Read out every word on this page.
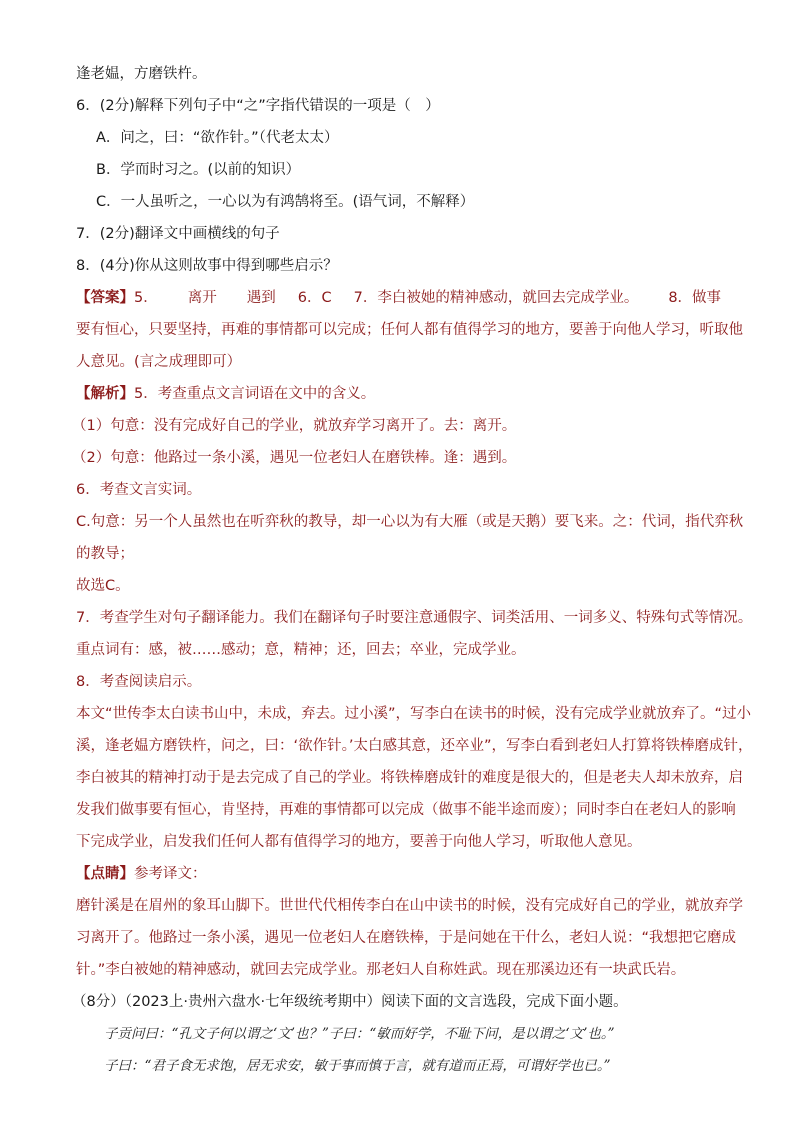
逢老媪，方磨铁杵。
6．(2分)解释下列句子中“之”字指代错误的一项是（　）
A．问之，曰：“欲作针。”（代老太太）
B．学而时习之。(以前的知识）
C．一人虽听之，一心以为有鸿鹄将至。(语气词，不解释）
7．(2分)翻译文中画横线的句子
8．(4分)你从这则故事中得到哪些启示？
【答案】5． 离开 遇到 6．C 7．李白被她的精神感动，就回去完成学业。 8．做事
要有恒心，只要坚持，再难的事情都可以完成；任何人都有值得学习的地方，要善于向他人学习，听取他
人意见。(言之成理即可）
【解析】5．考查重点文言词语在文中的含义。
（1）句意：没有完成好自己的学业，就放弃学习离开了。去：离开。
（2）句意：他路过一条小溪，遇见一位老妇人在磨铁棒。逢：遇到。
6．考查文言实词。
C.句意：另一个人虽然也在听弈秋的教导，却一心以为有大雁（或是天鹅）要飞来。之：代词，指代弈秋
的教导；
故选C。
7．考查学生对句子翻译能力。我们在翻译句子时要注意通假字、词类活用、一词多义、特殊句式等情况。
重点词有：感，被……感动；意，精神；还，回去；卒业，完成学业。
8．考查阅读启示。
本文“世传李太白读书山中，未成，弃去。过小溪”，写李白在读书的时候，没有完成学业就放弃了。“过小
溪，逢老媪方磨铁杵，问之，曰：‘欲作针。’太白感其意，还卒业”，写李白看到老妇人打算将铁棒磨成针，
李白被其的精神打动于是去完成了自己的学业。将铁棒磨成针的难度是很大的，但是老夫人却未放弃，启
发我们做事要有恒心，肯坚持，再难的事情都可以完成（做事不能半途而废）；同时李白在老妇人的影响
下完成学业，启发我们任何人都有值得学习的地方，要善于向他人学习，听取他人意见。
【点睛】参考译文：
磨针溪是在眉州的象耳山脚下。世世代代相传李白在山中读书的时候，没有完成好自己的学业，就放弃学
习离开了。他路过一条小溪，遇见一位老妇人在磨铁棒，于是问她在干什么，老妇人说：“我想把它磨成
针。”李白被她的精神感动，就回去完成学业。那老妇人自称姓武。现在那溪边还有一块武氏岩。
（8分）（2023上·贵州六盘水·七年级统考期中）阅读下面的文言选段，完成下面小题。
子贡问曰：“孔文子何以谓之‘文’也？”子曰：“敏而好学，不耻下问，是以谓之‘文’也。”
子曰：“君子食无求饱，居无求安，敏于事而慎于言，就有道而正焉，可谓好学也已。”
